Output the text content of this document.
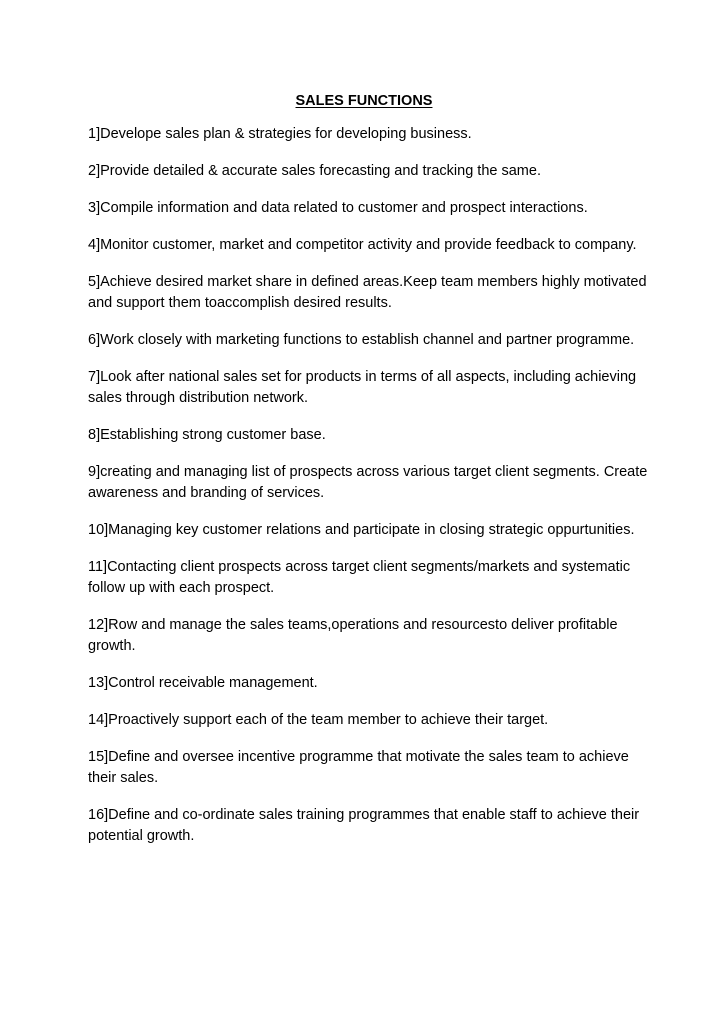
SALES FUNCTIONS
1]Develope sales plan & strategies for developing business.
2]Provide detailed & accurate sales forecasting and tracking the same.
3]Compile information and data related to customer and prospect interactions.
4]Monitor customer, market and competitor activity and provide feedback to company.
5]Achieve desired market share in defined areas.Keep team members highly motivated and support them toaccomplish desired results.
6]Work closely with marketing functions to establish channel and partner programme.
7]Look after national sales set for products in terms of all aspects, including achieving sales through distribution network.
8]Establishing strong customer base.
9]creating and managing list of prospects across various target client segments. Create awareness and branding of services.
10]Managing key customer relations and participate in closing strategic oppurtunities.
11]Contacting client prospects across target client segments/markets and systematic follow up with each prospect.
12]Row and manage the sales teams,operations and resourcesto deliver profitable growth.
13]Control receivable management.
14]Proactively support each of the team member to achieve their target.
15]Define and oversee incentive programme that motivate the sales team to achieve their sales.
16]Define and co-ordinate sales training programmes that enable staff to achieve their potential growth.
